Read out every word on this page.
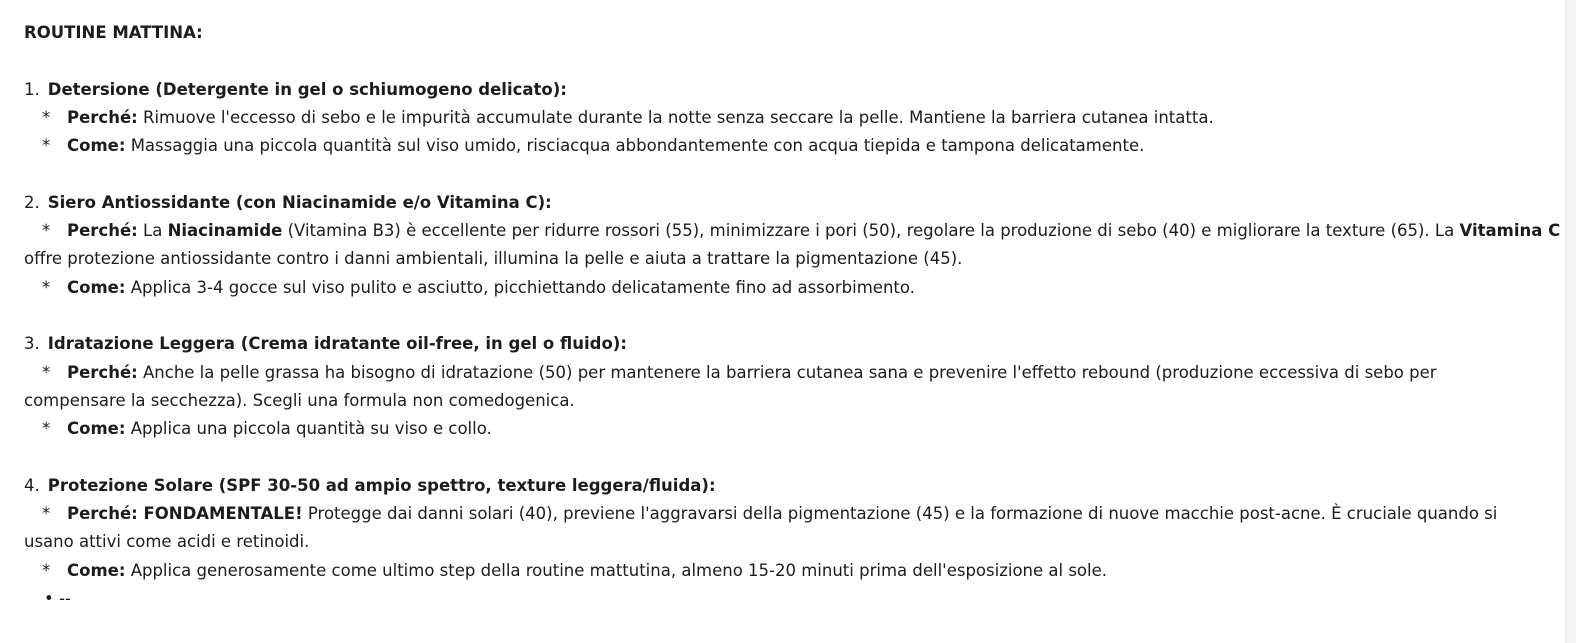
ROUTINE MATTINA:

1. Detersione (Detergente in gel o schiumogeno delicato):

* Perché: Rimuove l'eccesso di sebo e le impurità accumulate durante la notte senza seccare la pelle. Mantiene la barriera cutanea intatta.

* Come: Massaggia una piccola quantità sul viso umido, risciacqua abbondantemente con acqua tiepida e tampona delicatamente.

2. Siero Antiossidante (con Niacinamide e/o Vitamina C):

* Perché: La Niacinamide (Vitamina B3) è eccellente per ridurre rossori (55), minimizzare i pori (50), regolare la produzione di sebo (40) e migliorare la texture (65). La Vitamina C

offre protezione antiossidante contro i danni ambientali, illumina la pelle e aiuta a trattare la pigmentazione (45).

* Come: Applica 3-4 gocce sul viso pulito e asciutto, picchiettando delicatamente fino ad assorbimento.

3. Idratazione Leggera (Crema idratante oil-free, in gel o fluido):

* Perché: Anche la pelle grassa ha bisogno di idratazione (50) per mantenere la barriera cutanea sana e prevenire l'effetto rebound (produzione eccessiva di sebo per compensare la secchezza). Scegli una formula non comedogenica.

* Come: Applica una piccola quantità su viso e collo.

4. Protezione Solare (SPF 30-50 ad ampio spettro, texture leggera/fluida):

* Perché: FONDAMENTALE! Protegge dai danni solari (40), previene l'aggravarsi della pigmentazione (45) e la formazione di nuove macchie post-acne. È cruciale quando si usano attivi come acidi e retinoidi.

* Come: Applica generosamente come ultimo step della routine mattutina, almeno 15-20 minuti prima dell'esposizione al sole.

• --
